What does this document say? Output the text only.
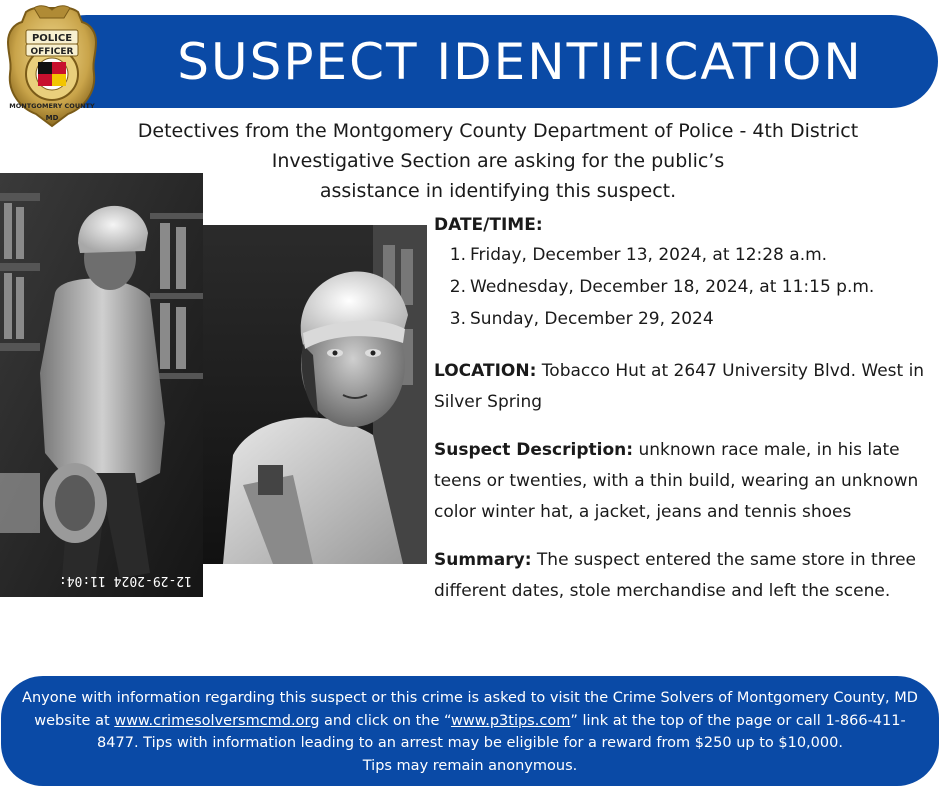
SUSPECT IDENTIFICATION
POLICE
OFFICER
MONTGOMERY COUNTY
MD
Detectives from the Montgomery County Department of Police - 4th District
Investigative Section are asking for the public’s
assistance in identifying this suspect.
12-29-2024 11:04:
DATE/TIME:
1. Friday, December 13, 2024, at 12:28 a.m.
2. Wednesday, December 18, 2024, at 11:15 p.m.
3. Sunday, December 29, 2024
LOCATION: Tobacco Hut at 2647 University Blvd. West in Silver Spring
Suspect Description: unknown race male, in his late teens or twenties, with a thin build, wearing an unknown color winter hat, a jacket, jeans and tennis shoes
Summary: The suspect entered the same store in three different dates, stole merchandise and left the scene.
Anyone with information regarding this suspect or this crime is asked to visit the Crime Solvers of Montgomery County, MD website at www.crimesolversmcmd.org and click on the “www.p3tips.com” link at the top of the page or call 1-866-411-8477. Tips with information leading to an arrest may be eligible for a reward from $250 up to $10,000.
Tips may remain anonymous.
